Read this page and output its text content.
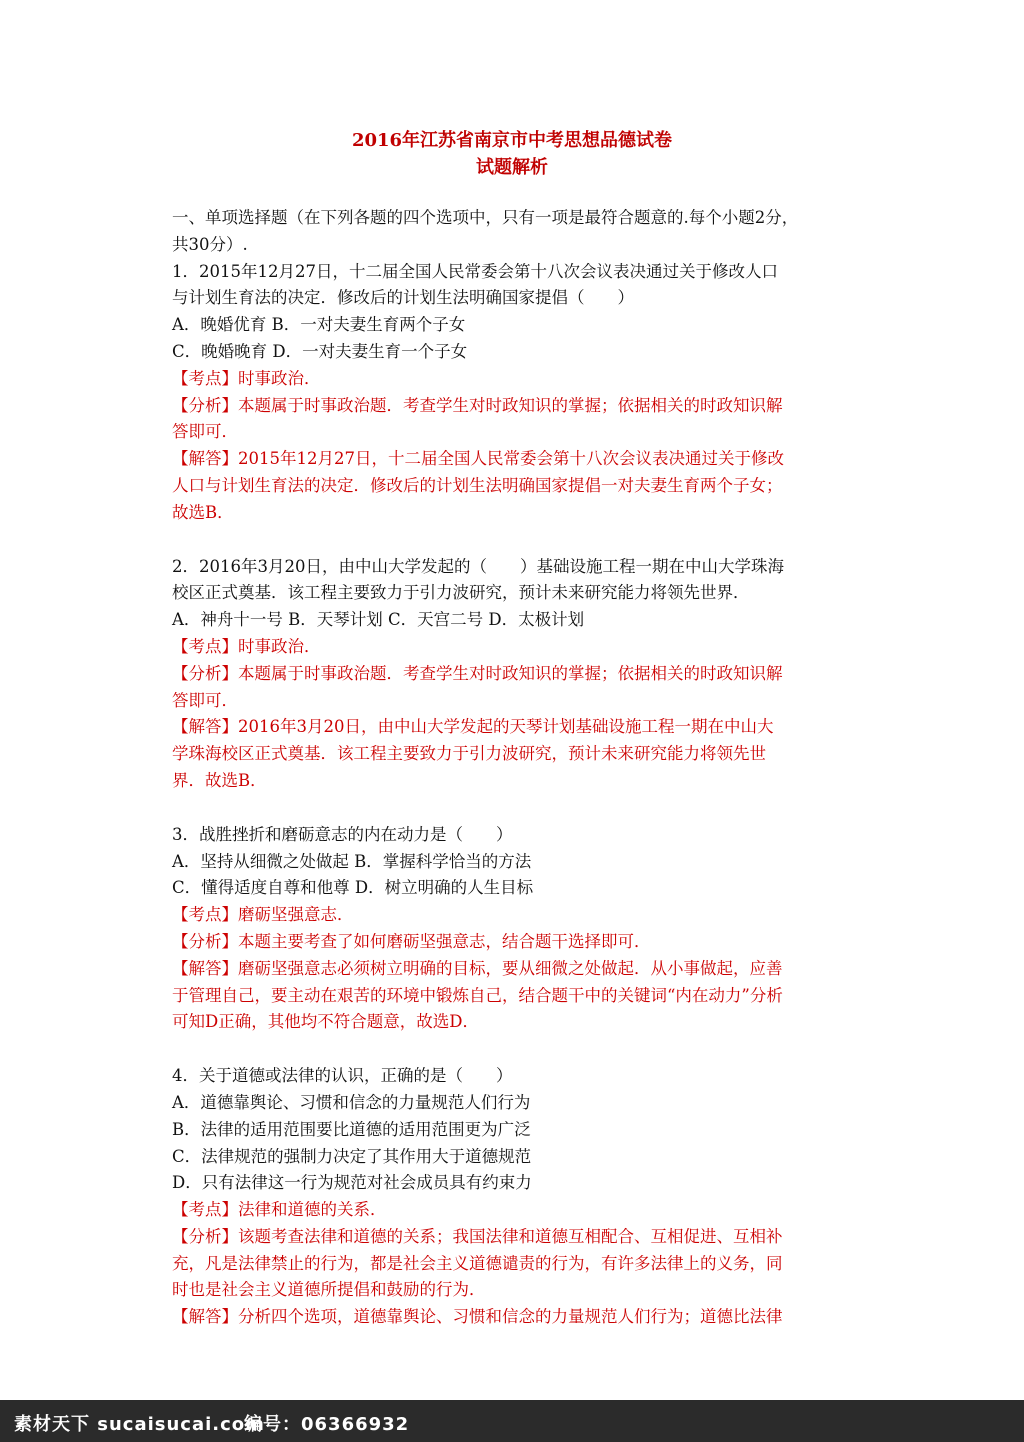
2016年江苏省南京市中考思想品德试卷
试题解析

一、单项选择题（在下列各题的四个选项中，只有一项是最符合题意的.每个小题2分，

共30分）.

1．2015年12月27日，十二届全国人民常委会第十八次会议表决通过关于修改人口

与计划生育法的决定．修改后的计划生法明确国家提倡（　　）

A．晚婚优育 B．一对夫妻生育两个子女

C．晚婚晚育 D．一对夫妻生育一个子女

【考点】时事政治．

【分析】本题属于时事政治题．考查学生对时政知识的掌握；依据相关的时政知识解

答即可．

【解答】2015年12月27日，十二届全国人民常委会第十八次会议表决通过关于修改

人口与计划生育法的决定．修改后的计划生法明确国家提倡一对夫妻生育两个子女；

故选B．

2．2016年3月20日，由中山大学发起的（　　）基础设施工程一期在中山大学珠海

校区正式奠基．该工程主要致力于引力波研究，预计未来研究能力将领先世界．

A．神舟十一号 B．天琴计划 C．天宫二号 D．太极计划

【考点】时事政治．

【分析】本题属于时事政治题．考查学生对时政知识的掌握；依据相关的时政知识解

答即可．

【解答】2016年3月20日，由中山大学发起的天琴计划基础设施工程一期在中山大

学珠海校区正式奠基．该工程主要致力于引力波研究，预计未来研究能力将领先世

界．故选B．

3．战胜挫折和磨砺意志的内在动力是（　　）

A．坚持从细微之处做起 B．掌握科学恰当的方法

C．懂得适度自尊和他尊 D．树立明确的人生目标

【考点】磨砺坚强意志．

【分析】本题主要考查了如何磨砺坚强意志，结合题干选择即可．

【解答】磨砺坚强意志必须树立明确的目标，要从细微之处做起．从小事做起，应善

于管理自己，要主动在艰苦的环境中锻炼自己，结合题干中的关键词“内在动力”分析

可知D正确，其他均不符合题意，故选D．

4．关于道德或法律的认识，正确的是（　　）

A．道德靠舆论、习惯和信念的力量规范人们行为

B．法律的适用范围要比道德的适用范围更为广泛

C．法律规范的强制力决定了其作用大于道德规范

D．只有法律这一行为规范对社会成员具有约束力

【考点】法律和道德的关系．

【分析】该题考查法律和道德的关系；我国法律和道德互相配合、互相促进、互相补

充，凡是法律禁止的行为，都是社会主义道德谴责的行为，有许多法律上的义务，同

时也是社会主义道德所提倡和鼓励的行为．

【解答】分析四个选项，道德靠舆论、习惯和信念的力量规范人们行为；道德比法律

素材天下 sucaisucai.com
编号：06366932
